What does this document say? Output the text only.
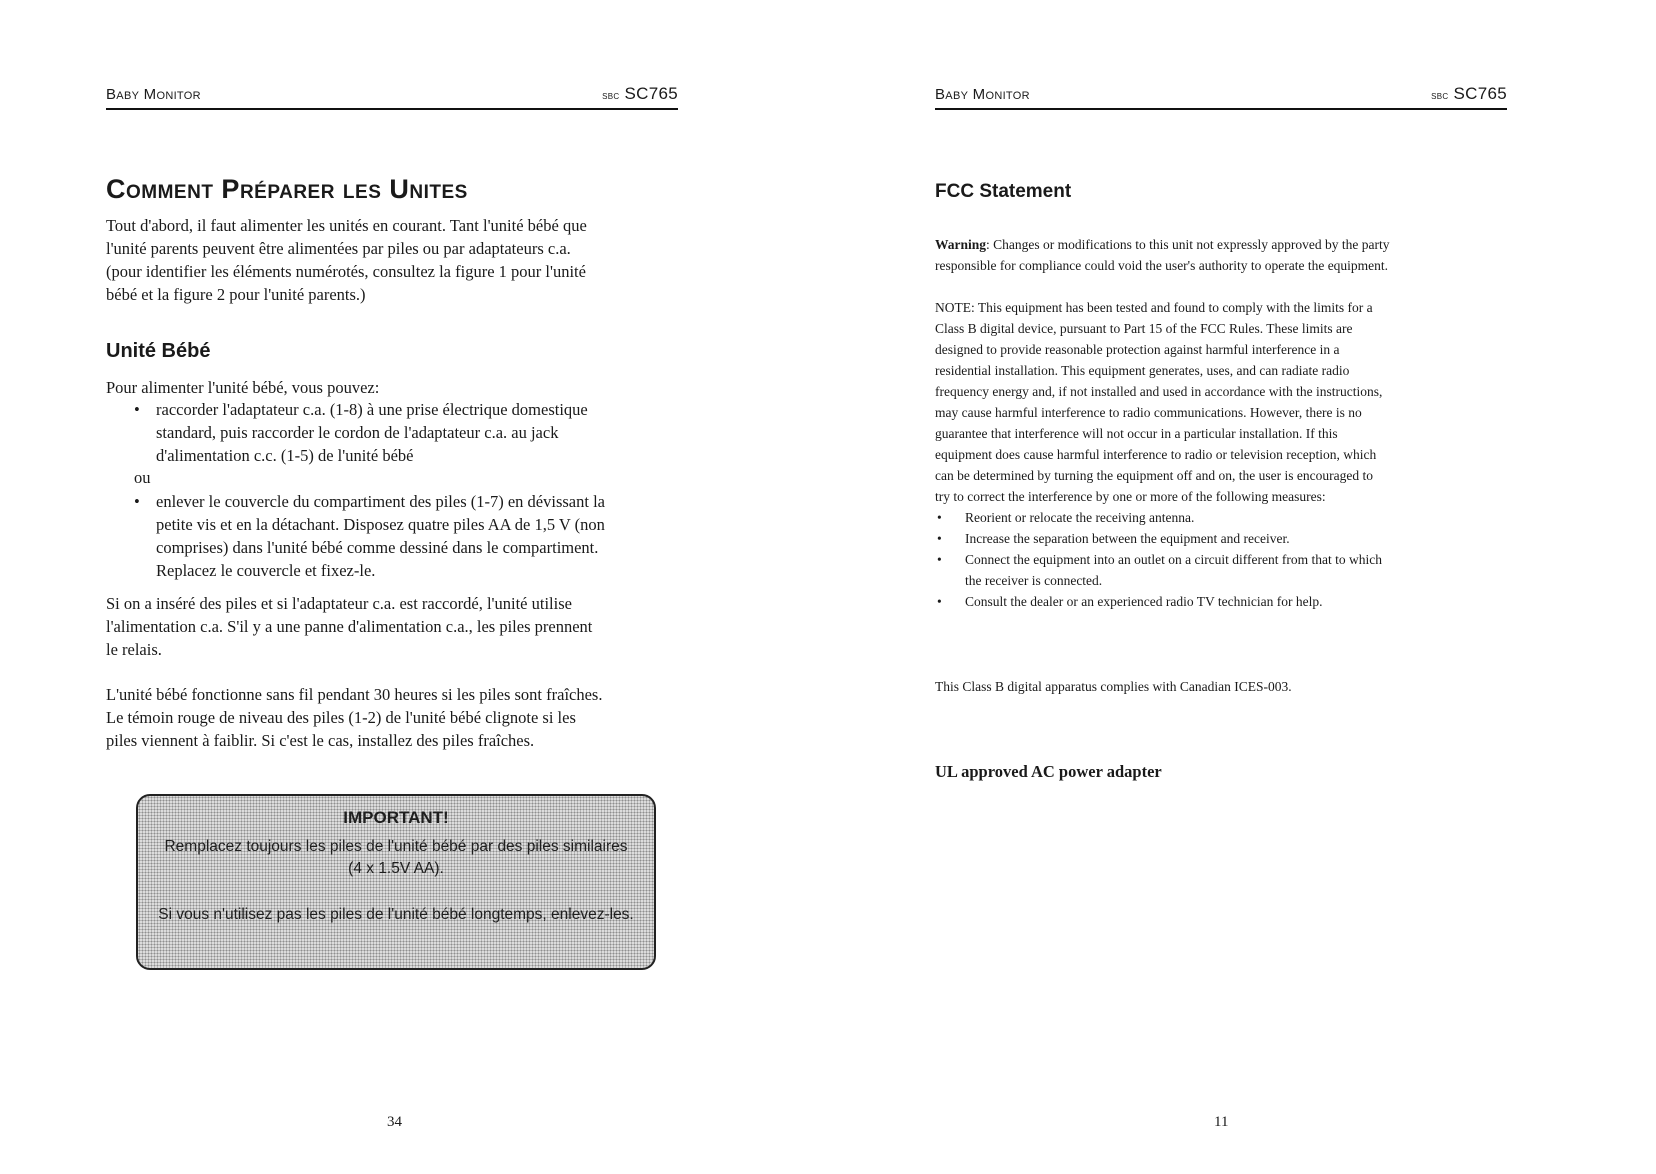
Baby Monitor	sbc SC765
Comment Préparer les Unites
Tout d'abord, il faut alimenter les unités en courant. Tant l'unité bébé que
l'unité parents peuvent être alimentées par piles ou par adaptateurs c.a.
(pour identifier les éléments numérotés, consultez la figure 1 pour l'unité
bébé et la figure 2 pour l'unité parents.)
Unité Bébé
Pour alimenter l'unité bébé, vous pouvez:
• raccorder l'adaptateur c.a. (1-8) à une prise électrique domestique
standard, puis raccorder le cordon de l'adaptateur c.a. au jack
d'alimentation c.c. (1-5) de l'unité bébé
ou
• enlever le couvercle du compartiment des piles (1-7) en dévissant la
petite vis et en la détachant. Disposez quatre piles AA de 1,5 V (non
comprises) dans l'unité bébé comme dessiné dans le compartiment.
Replacez le couvercle et fixez-le.
Si on a inséré des piles et si l'adaptateur c.a. est raccordé, l'unité utilise
l'alimentation c.a. S'il y a une panne d'alimentation c.a., les piles prennent
le relais.
L'unité bébé fonctionne sans fil pendant 30 heures si les piles sont fraîches.
Le témoin rouge de niveau des piles (1-2) de l'unité bébé clignote si les
piles viennent à faiblir. Si c'est le cas, installez des piles fraîches.
IMPORTANT!
Remplacez toujours les piles de l'unité bébé par des piles similaires
(4 x 1.5V AA).
Si vous n'utilisez pas les piles de l'unité bébé longtemps, enlevez-les.
34
Baby Monitor	sbc SC765
FCC Statement
Warning: Changes or modifications to this unit not expressly approved by the party
responsible for compliance could void the user's authority to operate the equipment.
NOTE: This equipment has been tested and found to comply with the limits for a
Class B digital device, pursuant to Part 15 of the FCC Rules. These limits are
designed to provide reasonable protection against harmful interference in a
residential installation. This equipment generates, uses, and can radiate radio
frequency energy and, if not installed and used in accordance with the instructions,
may cause harmful interference to radio communications. However, there is no
guarantee that interference will not occur in a particular installation. If this
equipment does cause harmful interference to radio or television reception, which
can be determined by turning the equipment off and on, the user is encouraged to
try to correct the interference by one or more of the following measures:
• Reorient or relocate the receiving antenna.
• Increase the separation between the equipment and receiver.
• Connect the equipment into an outlet on a circuit different from that to which
the receiver is connected.
• Consult the dealer or an experienced radio TV technician for help.
This Class B digital apparatus complies with Canadian ICES-003.
UL approved AC power adapter
11
